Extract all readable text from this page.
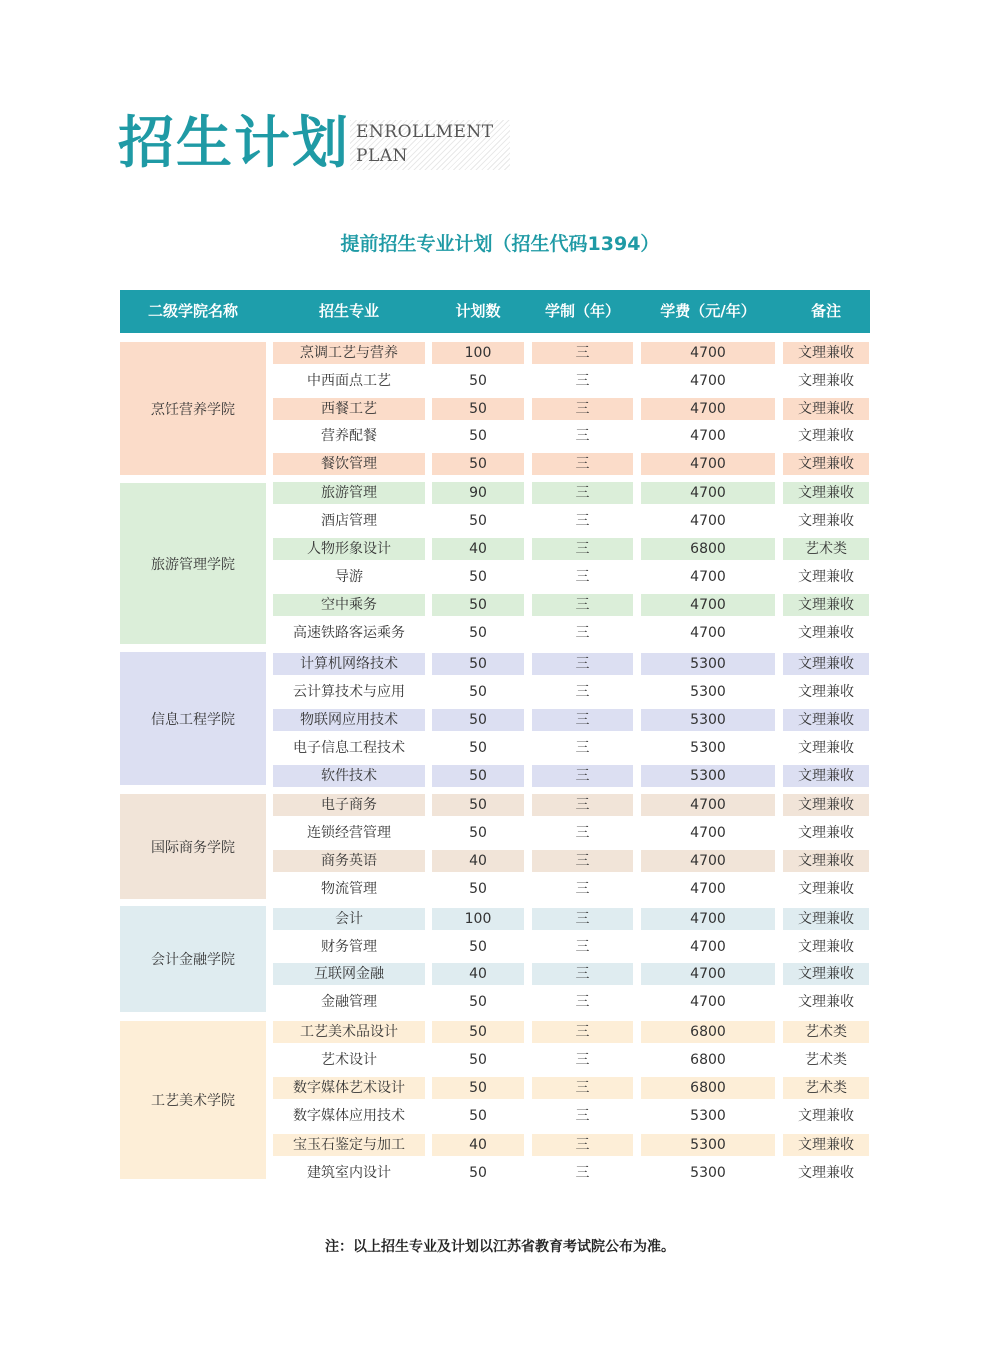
招生计划 ENROLLMENT
PLAN
提前招生专业计划（招生代码1394）
二级学院名称	招生专业	计划数	学制（年）	学费（元/年）	备注
烹饪营养学院
烹调工艺与营养	100	三	4700	文理兼收
中西面点工艺	50	三	4700	文理兼收
西餐工艺	50	三	4700	文理兼收
营养配餐	50	三	4700	文理兼收
餐饮管理	50	三	4700	文理兼收
旅游管理学院
旅游管理	90	三	4700	文理兼收
酒店管理	50	三	4700	文理兼收
人物形象设计	40	三	6800	艺术类
导游	50	三	4700	文理兼收
空中乘务	50	三	4700	文理兼收
高速铁路客运乘务	50	三	4700	文理兼收
信息工程学院
计算机网络技术	50	三	5300	文理兼收
云计算技术与应用	50	三	5300	文理兼收
物联网应用技术	50	三	5300	文理兼收
电子信息工程技术	50	三	5300	文理兼收
软件技术	50	三	5300	文理兼收
国际商务学院
电子商务	50	三	4700	文理兼收
连锁经营管理	50	三	4700	文理兼收
商务英语	40	三	4700	文理兼收
物流管理	50	三	4700	文理兼收
会计金融学院
会计	100	三	4700	文理兼收
财务管理	50	三	4700	文理兼收
互联网金融	40	三	4700	文理兼收
金融管理	50	三	4700	文理兼收
工艺美术学院
工艺美术品设计	50	三	6800	艺术类
艺术设计	50	三	6800	艺术类
数字媒体艺术设计	50	三	6800	艺术类
数字媒体应用技术	50	三	5300	文理兼收
宝玉石鉴定与加工	40	三	5300	文理兼收
建筑室内设计	50	三	5300	文理兼收
注：以上招生专业及计划以江苏省教育考试院公布为准。
